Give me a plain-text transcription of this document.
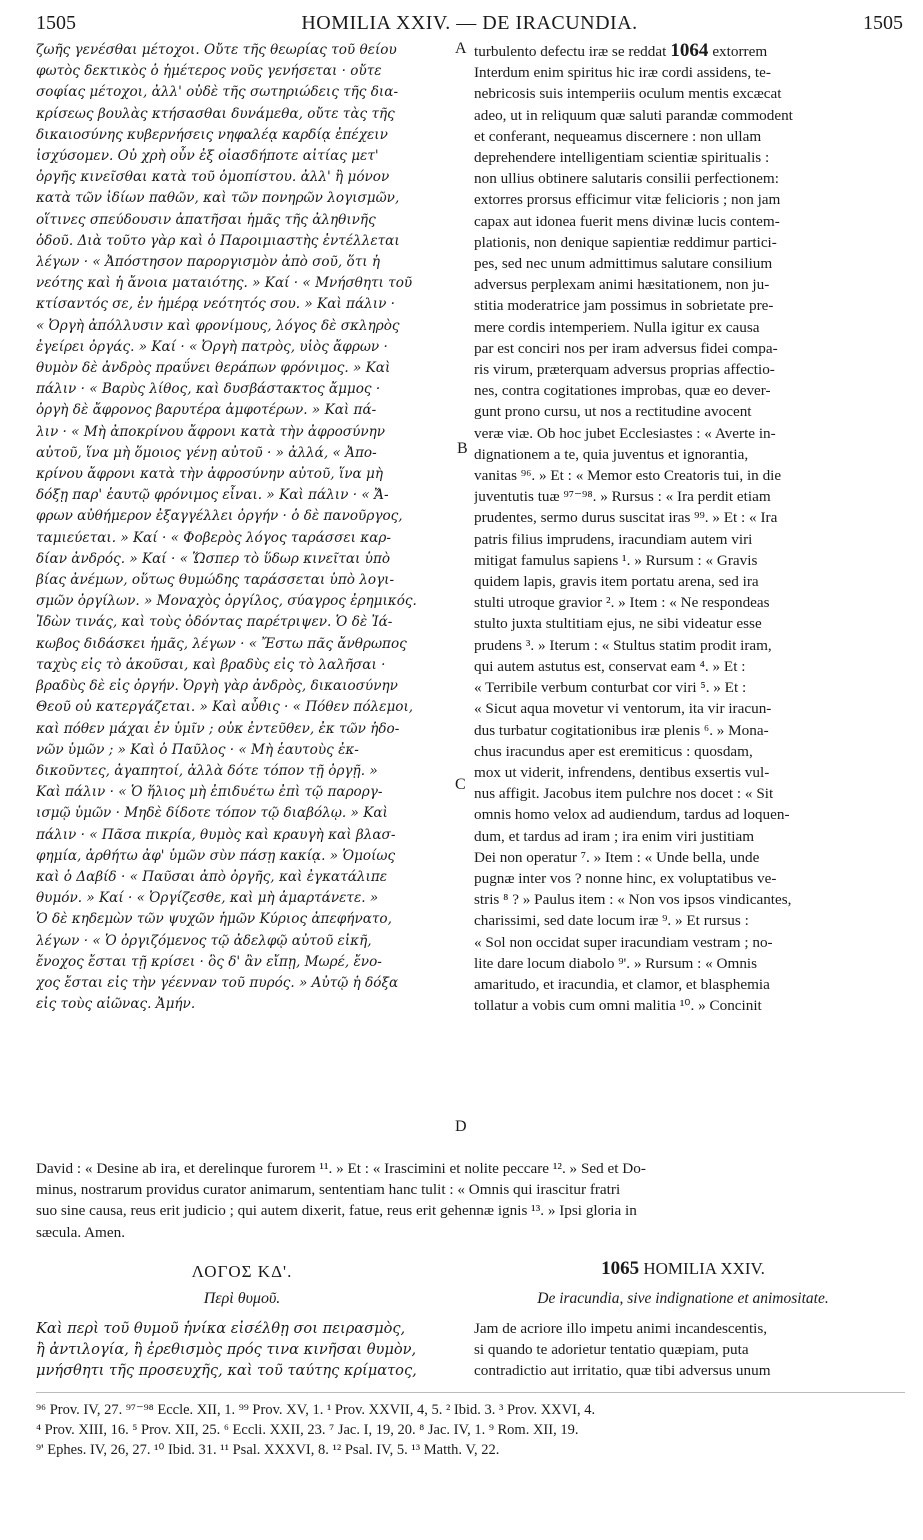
1505	HOMILIA XXIV. — DE IRACUNDIA.	1505
ζωῆς γενέσθαι μέτοχοι. Οὔτε τῆς θεωρίας τοῦ θείου
φωτὸς δεκτικὸς ὁ ἡμέτερος νοῦς γενήσεται · οὔτε
σοφίας μέτοχοι, ἀλλ' οὐδὲ τῆς σωτηριώδεις τῆς δια-
κρίσεως βουλὰς κτήσασθαι δυνάμεθα, οὔτε τὰς τῆς
δικαιοσύνης κυβερνήσεις νηφαλέᾳ καρδίᾳ ἐπέχειν
ἰσχύσομεν. Οὐ χρὴ οὖν ἐξ οἱασδήποτε αἰτίας μετ'
ὀργῆς κινεῖσθαι κατὰ τοῦ ὁμοπίστου. ἀλλ' ἢ μόνον
κατὰ τῶν ἰδίων παθῶν, καὶ τῶν πονηρῶν λογισμῶν,
οἵτινες σπεύδουσιν ἀπατῆσαι ἡμᾶς τῆς ἀληθινῆς
ὁδοῦ. Διὰ τοῦτο γὰρ καὶ ὁ Παροιμιαστὴς ἐντέλλεται
λέγων · « Ἀπόστησον παροργισμὸν ἀπὸ σοῦ, ὅτι ἡ
νεότης καὶ ἡ ἄνοια ματαιότης. » Καί · « Μνήσθητι τοῦ
κτίσαντός σε, ἐν ἡμέρᾳ νεότητός σου. » Καὶ πάλιν ·
« Ὀργὴ ἀπόλλυσιν καὶ φρονίμους, λόγος δὲ σκληρὸς
ἐγείρει ὀργάς. » Καί · « Ὀργὴ πατρὸς, υἱὸς ἄφρων ·
θυμὸν δὲ ἀνδρὸς πραΰνει θεράπων φρόνιμος. » Καὶ
πάλιν · « Βαρὺς λίθος, καὶ δυσβάστακτος ἄμμος ·
ὀργὴ δὲ ἄφρονος βαρυτέρα ἀμφοτέρων. » Καὶ πά-
λιν · « Μὴ ἀποκρίνου ἄφρονι κατὰ τὴν ἀφροσύνην
αὐτοῦ, ἵνα μὴ ὅμοιος γένῃ αὐτοῦ · » ἀλλά, « Ἀπο-
κρίνου ἄφρονι κατὰ τὴν ἀφροσύνην αὐτοῦ, ἵνα μὴ
δόξῃ παρ' ἑαυτῷ φρόνιμος εἶναι. » Καὶ πάλιν · « Ἄ-
φρων αὐθήμερον ἐξαγγέλλει ὀργήν · ὁ δὲ πανοῦργος,
ταμιεύεται. » Καί · « Φοβερὸς λόγος ταράσσει καρ-
δίαν ἀνδρός. » Καί · « Ὥσπερ τὸ ὕδωρ κινεῖται ὑπὸ
βίας ἀνέμων, οὕτως θυμώδης ταράσσεται ὑπὸ λογι-
σμῶν ὀργίλων. » Μοναχὸς ὀργίλος, σύαγρος ἐρημικός.
Ἰδὼν τινάς, καὶ τοὺς ὀδόντας παρέτριψεν. Ὁ δὲ Ἰά-
κωβος διδάσκει ἡμᾶς, λέγων · « Ἔστω πᾶς ἄνθρωπος
ταχὺς εἰς τὸ ἀκοῦσαι, καὶ βραδὺς εἰς τὸ λαλῆσαι ·
βραδὺς δὲ εἰς ὀργήν. Ὀργὴ γὰρ ἀνδρὸς, δικαιοσύνην
Θεοῦ οὐ κατεργάζεται. » Καὶ αὖθις · « Πόθεν πόλεμοι,
καὶ πόθεν μάχαι ἐν ὑμῖν ; οὐκ ἐντεῦθεν, ἐκ τῶν ἡδο-
νῶν ὑμῶν ; » Καὶ ὁ Παῦλος · « Μὴ ἑαυτοὺς ἐκ-
δικοῦντες, ἀγαπητοί, ἀλλὰ δότε τόπον τῇ ὀργῇ. »
Καὶ πάλιν · « Ὁ ἥλιος μὴ ἐπιδυέτω ἐπὶ τῷ παροργ-
ισμῷ ὑμῶν · Μηδὲ δίδοτε τόπον τῷ διαβόλῳ. » Καὶ
πάλιν · « Πᾶσα πικρία, θυμὸς καὶ κραυγὴ καὶ βλασ-
φημία, ἀρθήτω ἀφ' ὑμῶν σὺν πάσῃ κακίᾳ. » Ὁμοίως
καὶ ὁ Δαβίδ · « Παῦσαι ἀπὸ ὀργῆς, καὶ ἐγκατάλιπε
θυμόν. » Καί · « Ὀργίζεσθε, καὶ μὴ ἁμαρτάνετε. »
Ὁ δὲ κηδεμὼν τῶν ψυχῶν ἡμῶν Κύριος ἀπεφήνατο,
λέγων · « Ὁ ὀργιζόμενος τῷ ἀδελφῷ αὐτοῦ εἰκῆ,
ἔνοχος ἔσται τῇ κρίσει · ὃς δ' ἂν εἴπῃ, Μωρέ, ἔνο-
χος ἔσται εἰς τὴν γέενναν τοῦ πυρός. » Αὐτῷ ἡ δόξα
εἰς τοὺς αἰῶνας. Ἀμήν.
turbulento defectu iræ se reddat 1064 extorrem
Interdum enim spiritus hic iræ cordi assidens, te-
nebricosis suis intemperiis oculum mentis excæcat
adeo, ut in reliquum quæ saluti parandæ commodent
et conferant, nequeamus discernere : non ullam
deprehendere intelligentiam scientiæ spiritualis :
non ullius obtinere salutaris consilii perfectionem:
extorres prorsus efficimur vitæ felicioris ; non jam
capax aut idonea fuerit mens divinæ lucis contem-
plationis, non denique sapientiæ reddimur partici-
pes, sed nec unum admittimus salutare consilium
adversus perplexam animi hæsitationem, non ju-
stitia moderatrice jam possimus in sobrietate pre-
mere cordis intemperiem. Nulla igitur ex causa
par est conciri nos per iram adversus fidei compa-
ris virum, præterquam adversus proprias affectio-
nes, contra cogitationes improbas, quæ eo dever-
gunt prono cursu, ut nos a rectitudine avocent
veræ viæ. Ob hoc jubet Ecclesiastes : « Averte in-
dignationem a te, quia juventus et ignorantia,
vanitas ⁹⁶. » Et : « Memor esto Creatoris tui, in die
juventutis tuæ ⁹⁷⁻⁹⁸. » Rursus : « Ira perdit etiam
prudentes, sermo durus suscitat iras ⁹⁹. » Et : « Ira
patris filius imprudens, iracundiam autem viri
mitigat famulus sapiens ¹. » Rursum : « Gravis
quidem lapis, gravis item portatu arena, sed ira
stulti utroque gravior ². » Item : « Ne respondeas
stulto juxta stultitiam ejus, ne sibi videatur esse
prudens ³. » Iterum : « Stultus statim prodit iram,
qui autem astutus est, conservat eam ⁴. » Et :
« Terribile verbum conturbat cor viri ⁵. » Et :
« Sicut aqua movetur vi ventorum, ita vir iracun-
dus turbatur cogitationibus iræ plenis ⁶. » Mona-
chus iracundus aper est eremiticus : quosdam,
mox ut viderit, infrendens, dentibus exsertis vul-
nus affigit. Jacobus item pulchre nos docet : « Sit
omnis homo velox ad audiendum, tardus ad loquen-
dum, et tardus ad iram ; ira enim viri justitiam
Dei non operatur ⁷. » Item : « Unde bella, unde
pugnæ inter vos ? nonne hinc, ex voluptatibus ve-
stris ⁸ ? » Paulus item : « Non vos ipsos vindicantes,
charissimi, sed date locum iræ ⁹. » Et rursus :
« Sol non occidat super iracundiam vestram ; no-
lite dare locum diabolo ⁹'. » Rursum : « Omnis
amaritudo, et iracundia, et clamor, et blasphemia
tollatur a vobis cum omni malitia ¹⁰. » Concinit
A
B
C
D
David : « Desine ab ira, et derelinque furorem ¹¹. » Et : « Irascimini et nolite peccare ¹². » Sed et Do-
minus, nostrarum providus curator animarum, sententiam hanc tulit : « Omnis qui irascitur fratri
suo sine causa, reus erit judicio ; qui autem dixerit, fatue, reus erit gehennæ ignis ¹³. » Ipsi gloria in
sæcula. Amen.
ΛΟΓΟΣ ΚΔ'.
Περὶ θυμοῦ.
Καὶ περὶ τοῦ θυμοῦ ἡνίκα εἰσέλθῃ σοι πειρασμὸς,
ἢ ἀντιλογία, ἢ ἐρεθισμὸς πρός τινα κινῆσαι θυμὸν,
μνήσθητι τῆς προσευχῆς, καὶ τοῦ ταύτης κρίματος,
1065 HOMILIA XXIV.
De iracundia, sive indignatione et animositate.
Jam de acriore illo impetu animi incandescentis,
si quando te adorietur tentatio quæpiam, puta
contradictio aut irritatio, quæ tibi adversus unum
⁹⁶ Prov. IV, 27. ⁹⁷⁻⁹⁸ Eccle. XII, 1. ⁹⁹ Prov. XV, 1. ¹ Prov. XXVII, 4, 5. ² Ibid. 3. ³ Prov. XXVI, 4.
⁴ Prov. XIII, 16. ⁵ Prov. XII, 25. ⁶ Eccli. XXII, 23. ⁷ Jac. I, 19, 20. ⁸ Jac. IV, 1. ⁹ Rom. XII, 19.
⁹' Ephes. IV, 26, 27. ¹⁰ Ibid. 31. ¹¹ Psal. XXXVI, 8. ¹² Psal. IV, 5. ¹³ Matth. V, 22.
